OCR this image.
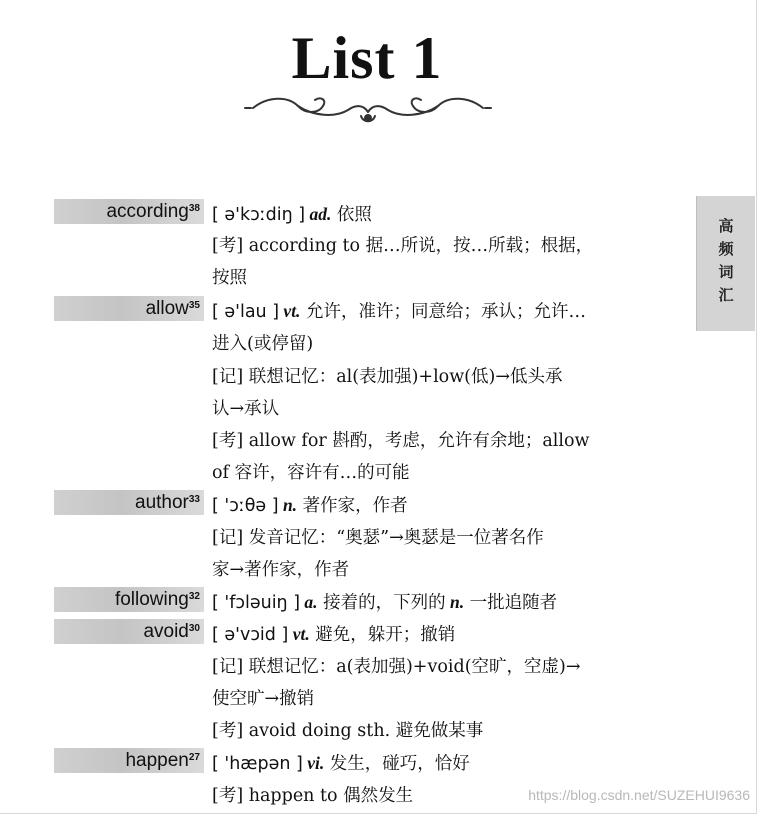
List 1
高频词汇
according$^{38}$ [ ə'kɔːdiŋ ] ad. 依照
[考] according to 据…所说，按…所载；根据，
按照
allow$^{35}$ [ ə'lau ] vt. 允许，准许；同意给；承认；允许…
进入(或停留)
[记] 联想记忆：al(表加强)+low(低)→低头承
认→承认
[考] allow for 斟酌，考虑，允许有余地；allow
of 容许，容许有…的可能
author$^{33}$ [ 'ɔːθə ] n. 著作家，作者
[记] 发音记忆：“奥瑟”→奥瑟是一位著名作
家→著作家，作者
following$^{32}$ [ 'fɔləuiŋ ] a. 接着的，下列的 n. 一批追随者
avoid$^{30}$ [ ə'vɔid ] vt. 避免，躲开；撤销
[记] 联想记忆：a(表加强)+void(空旷，空虚)→
使空旷→撤销
[考] avoid doing sth. 避免做某事
happen$^{27}$ [ 'hæpən ] vi. 发生，碰巧，恰好
[考] happen to 偶然发生	https://blog.csdn.net/SUZEHUI9636
